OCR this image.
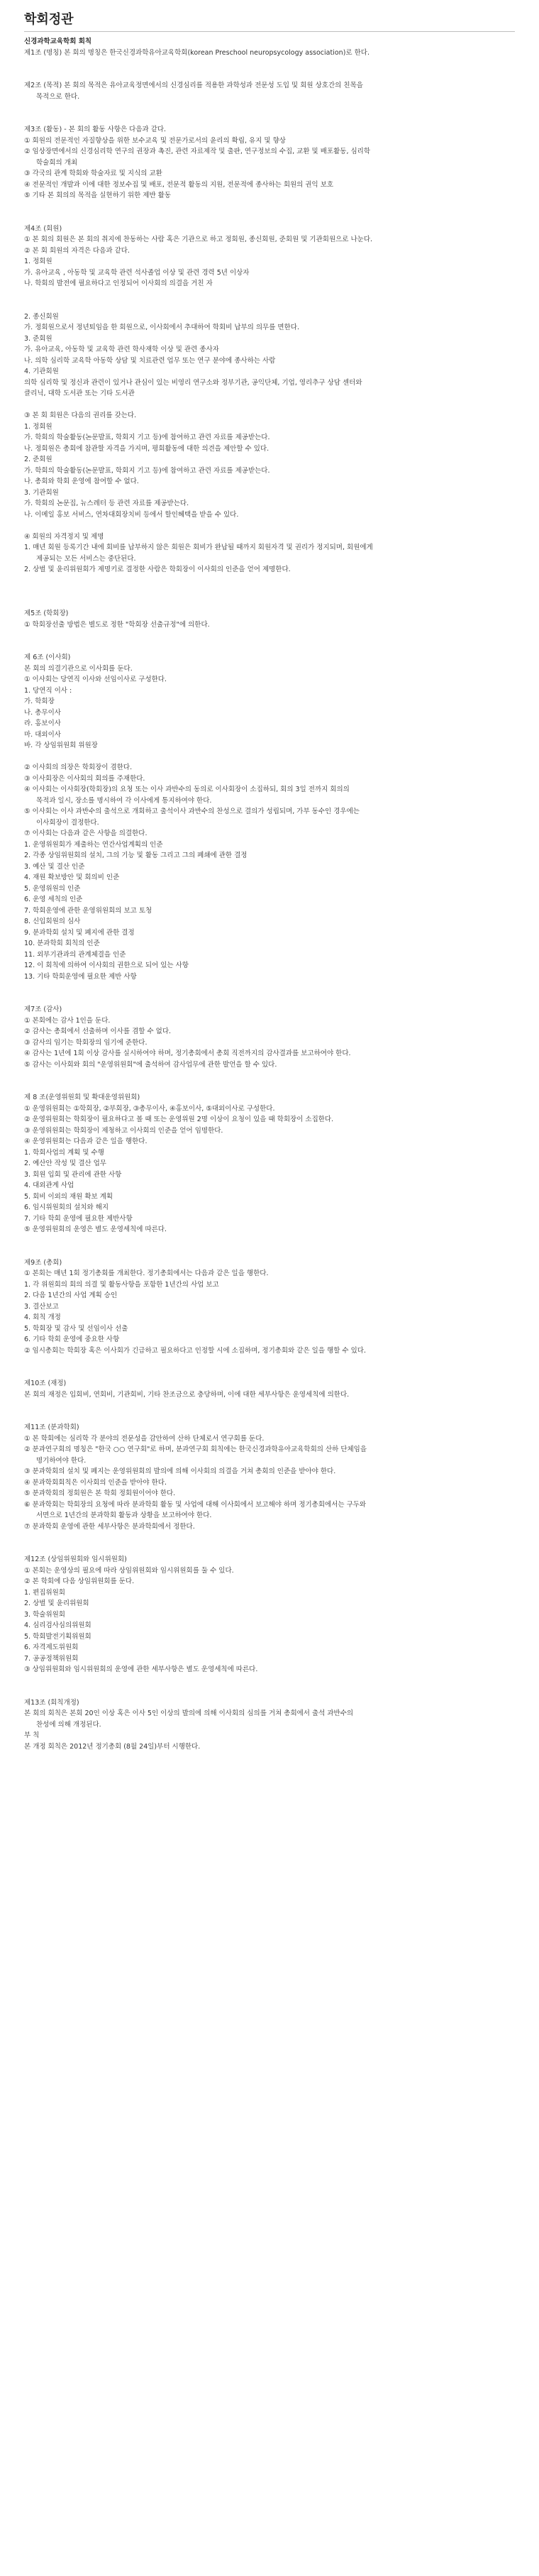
학회정관
신경과학교육학회 회칙
제1조 (명칭) 본 회의 명칭은 한국신경과학유아교육학회(korean Preschool neuropsycology association)로 한다.
제2조 (목적) 본 회의 목적은 유아교육정면에서의 신경심리를 적용한 과학성과 전문성 도입 및 회원 상호간의 친목을
목적으로 한다.
제3조 (활동) - 본 회의 활동 사항은 다음과 같다.
① 회원의 전문적인 자질향상을 위한 보수교육 및 전문가로서의 윤리의 확립, 유지 및 향상
② 임상장면에서의 신경심리학 연구의 권장과 촉진, 관련 자료제작 및 출판, 연구정보의 수집, 교환 및 배포활동, 심리학
학술회의 개최
③ 각국의 관계 학회와 학술자료 및 지식의 교환
④ 전문적인 개발과 이에 대한 정보수집 및 배포, 전문적 활동의 지원, 전문적에 종사하는 회원의 권익 보호
⑤ 기타 본 회의의 목적을 실현하기 위한 제반 활동
제4조 (회원)
① 본 회의 회원은 본 회의 취지에 찬동하는 사람 혹은 기관으로 하고 정회원, 종신회원, 준회원 및 기관회원으로 나눈다.
② 본 회 회원의 자격은 다음과 같다.
1. 정회원
가. 유아교육 , 아동학 및 교육학 관련 석사졸업 이상 및 관련 경력 5년 이상자
나. 학회의 발전에 필요하다고 인정되어 이사회의 의결을 거친 자
2. 종신회원
가. 정회원으로서 정년퇴임을 한 회원으로, 이사회에서 추대하여 학회비 납부의 의무를 면한다.
3. 준회원
가. 유아교육, 아동학 및 교육학 관련 학사재학 이상 및 관련 종사자
나. 의학 심리학 교육학 아동학 상담 및 치료관련 업무 또는 연구 분야에 종사하는 사람
4. 기관회원
의학 심리학 및 정신과 관련이 있거나 관심이 있는 비영리 연구소와 정부기관, 공익단체, 기업, 영리추구 상담 센터와
클리닉, 대학 도서관 또는 기타 도서관
③ 본 회 회원은 다음의 권리를 갖는다.
1. 정회원
가. 학회의 학술활동(논문발표, 학회지 기고 등)에 참여하고 관련 자료를 제공받는다.
나. 정회원은 총회에 참관할 자격을 가지며, 평회활동에 대한 의견을 제안할 수 있다.
2. 준회원
가. 학회의 학술활동(논문발표, 학회지 기고 등)에 참여하고 관련 자료를 제공받는다.
나. 총회와 학회 운영에 참여할 수 없다.
3. 기관회원
가. 학회의 논문집, 뉴스레터 등 관련 자료를 제공받는다.
나. 이메일 홍보 서비스, 연차대회장치비 등에서 할인혜택을 받을 수 있다.
④ 회원의 자격정지 및 제명
1. 매년 회원 등록기간 내에 회비를 납부하지 않은 회원은 회비가 완납될 때까지 회원자격 및 권리가 정지되며, 회원에게
제공되는 모든 서비스는 중단된다.
2. 상벌 및 윤리위원회가 제명키로 결정한 사람은 학회장이 이사회의 인준을 얻어 제명한다.
제5조 (학회장)
① 학회장선출 방법은 별도로 정한 "학회장 선출규정"에 의한다.
제 6조 (이사회)
본 회의 의결기관으로 이사회를 둔다.
① 이사회는 당연직 이사와 선임이사로 구성한다.
1. 당연직 이사 :
가. 학회장
나. 총무이사
라. 홍보이사
마. 대외이사
바. 각 상임위원회 위원장
② 이사회의 의장은 학회장이 겸한다.
③ 이사회장은 이사회의 회의를 주재한다.
④ 이사회는 이사회장(학회장)의 요청 또는 이사 과반수의 동의로 이사회장이 소집하되, 회의 3일 전까지 회의의
목적과 일시, 장소를 명시하여 각 이사에게 통지하여야 한다.
⑤ 이사회는 이사 과반수의 출석으로 개회하고 출석이사 과반수의 찬성으로 결의가 성립되며, 가부 동수인 경우에는
이사회장이 결정한다.
⑦ 이사회는 다음과 같은 사항을 의결한다.
1. 운영위원회가 제출하는 연간사업계획의 인준
2. 각종 상임위원회의 설치, 그의 기능 및 활동 그리고 그의 폐쇄에 관한 결정
3. 예산 및 결산 인준
4. 재원 확보방안 및 회의비 인준
5. 운영위원의 인준
6. 운영 세칙의 인준
7. 학회운영에 관한 운영위원회의 보고 토청
8. 신입회원의 심사
9. 분과학회 설치 및 폐지에 관한 결정
10. 분과학회 회칙의 인준
11. 외부기관과의 관계체결을 인준
12. 이 회칙에 의하여 이사회의 권한으로 되어 있는 사항
13. 기타 학회운영에 필요한 제반 사항
제7조 (감사)
① 본회에는 감사 1인을 둔다.
② 감사는 총회에서 선출하며 이사를 겸할 수 없다.
③ 감사의 임기는 학회장의 임기에 준한다.
④ 감사는 1년에 1회 이상 감사를 실시하여야 하며, 정기총회에서 총회 직전까지의 감사결과를 보고하여야 한다.
⑤ 감사는 이사회와 회의 "운영위원회"에 출석하여 감사업무에 관한 발언을 할 수 있다.
제 8 조(운영위원회 및 확대운영위원회)
① 운영위원회는 ①학회장, ②부회장, ③총무이사, ④홍보이사, ⑤대외이사로 구성한다.
② 운영위원회는 학회장이 필요하다고 볼 때 또는 운영위원 2명 이상이 요청이 있을 때 학회장이 소집한다.
③ 운영위원회는 학회장이 제청하고 이사회의 인준을 얻어 임명한다.
④ 운영위원회는 다음과 같은 일을 행한다.
1. 학회사업의 계획 및 수행
2. 예산안 작성 및 결산 업무
3. 회원 입회 및 관리에 관한 사항
4. 대외관계 사업
5. 회비 이외의 재원 확보 계획
6. 임시위원회의 설치와 해지
7. 기타 학회 운영에 필요한 제반사항
⑤ 운영위원회의 운영은 별도 운영세칙에 따른다.
제9조 (총회)
① 본회는 매년 1회 정기총회를 개최한다. 정기총회에서는 다음과 같은 일을 행한다.
1. 각 위원회의 회의 의결 및 활동사항을 포함한 1년간의 사업 보고
2. 다음 1년간의 사업 계획 승인
3. 결산보고
4. 회칙 개정
5. 학회장 및 감사 및 선임이사 선출
6. 기타 학회 운영에 중요한 사항
② 임시총회는 학회장 혹은 이사회가 긴급하고 필요하다고 인정할 시에 소집하며, 정기총회와 같은 일을 행할 수 있다.
제10조 (재정)
본 회의 재정은 입회비, 연회비, 기관회비, 기타 찬조금으로 충당하며, 이에 대한 세부사항은 운영세칙에 의한다.
제11조 (분과학회)
① 본 학회에는 심리학 각 분야의 전문성을 감안하여 산하 단체로서 연구회를 둔다.
② 분과연구회의 명칭은 "한국 ○○ 연구회"로 하며, 분과연구회 회칙에는 한국신경과학유아교육학회의 산하 단체임을
명기하여야 한다.
③ 분과학회의 설치 및 폐지는 운영위원회의 발의에 의해 이사회의 의결을 거쳐 총회의 인준을 받아야 한다.
④ 분과학회회칙은 이사회의 인준을 받아야 한다.
⑤ 분과학회의 정회원은 본 학회 정회원이어야 한다.
⑥ 분과학회는 학회장의 요청에 따라 분과학회 활동 및 사업에 대해 이사회에서 보고해야 하며 정기총회에서는 구두와
서면으로 1년간의 분과학회 활동과 상황을 보고하여야 한다.
⑦ 분과학회 운영에 관한 세부사항은 분과학회에서 정한다.
제12조 (상임위원회와 임시위원회)
① 본회는 운영상의 필요에 따라 상임위원회와 임시위원회를 둘 수 있다.
② 본 학회에 다음 상임위원회를 둔다.
1. 편집위원회
2. 상벌 및 윤리위원회
3. 학술위원회
4. 심리검사심의위원회
5. 학회발전기획위원회
6. 자격제도위원회
7. 공공정책위원회
③ 상임위원회와 임시위원회의 운영에 관한 세부사항은 별도 운영세칙에 따른다.
제13조 (회칙개정)
본 회의 회칙은 본회 20인 이상 혹은 이사 5인 이상의 발의에 의해 이사회의 심의를 거쳐 총회에서 출석 과반수의
찬성에 의해 개정된다.
부 칙
본 개정 회칙은 2012년 정기총회 (8월 24일)부터 시행한다.
